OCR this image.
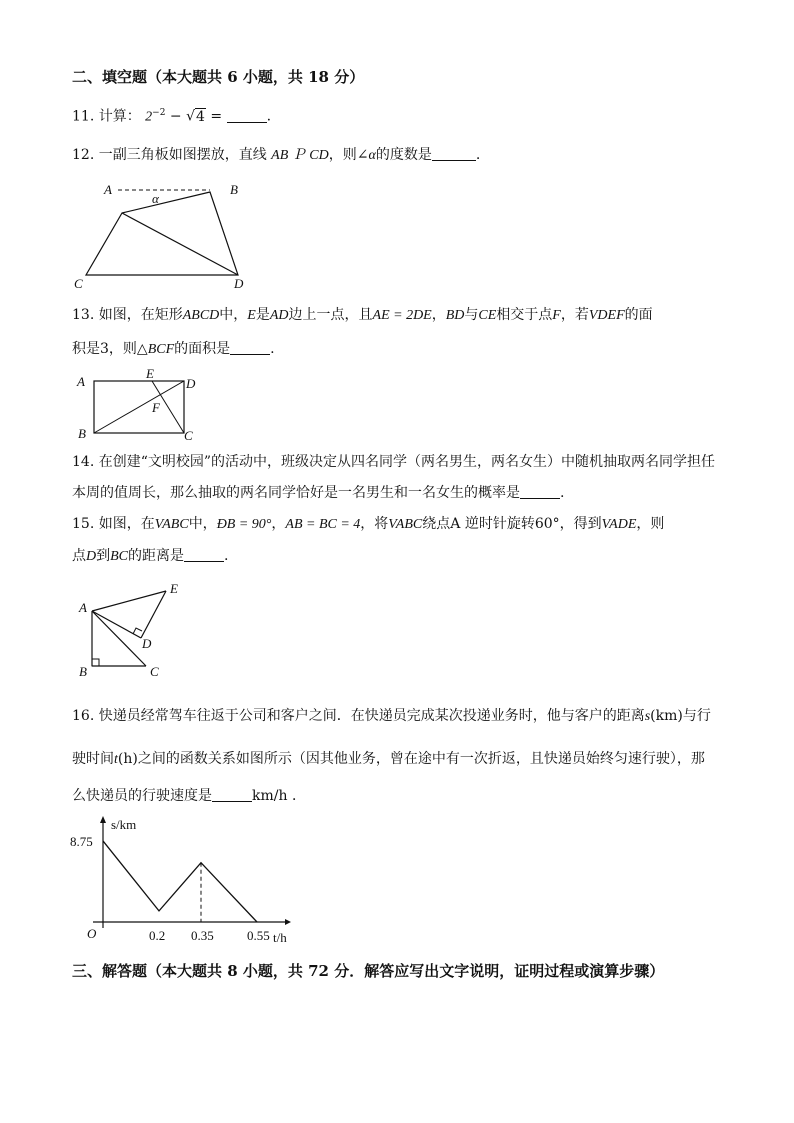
二、填空题（本大题共 6 小题，共 18 分）
11. 计算： $2^{-2} - √4$ =	.
12. 一副三角板如图摆放，直线 AB Ｐ CD，则∠α的度数是	.
A	B
C	D
α
13. 如图，在矩形ABCD中，E是AD边上一点，且AE = 2DE，BD与CE相交于点F，若VDEF的面
积是3，则△BCF的面积是	.
A
E
D
F
B	C
14. 在创建“文明校园”的活动中，班级决定从四名同学（两名男生，两名女生）中随机抽取两名同学担任
本周的值周长，那么抽取的两名同学恰好是一名男生和一名女生的概率是	.
15. 如图，在VABC中，ÐB = 90°，AB = BC = 4，将VABC绕点A 逆时针旋转60°，得到VADE，则
点D到BC的距离是	.
A
E
D
B	C
16. 快递员经常驾车往返于公司和客户之间．在快递员完成某次投递业务时，他与客户的距离s(km)与行
驶时间t(h)之间的函数关系如图所示（因其他业务，曾在途中有一次折返，且快递员始终匀速行驶），那
么快递员的行驶速度是	km/h ．
0.2 0.35	0.55
8.75
O
s/km
t/h
三、解答题（本大题共 8 小题，共 72 分．解答应写出文字说明，证明过程或演算步骤）
